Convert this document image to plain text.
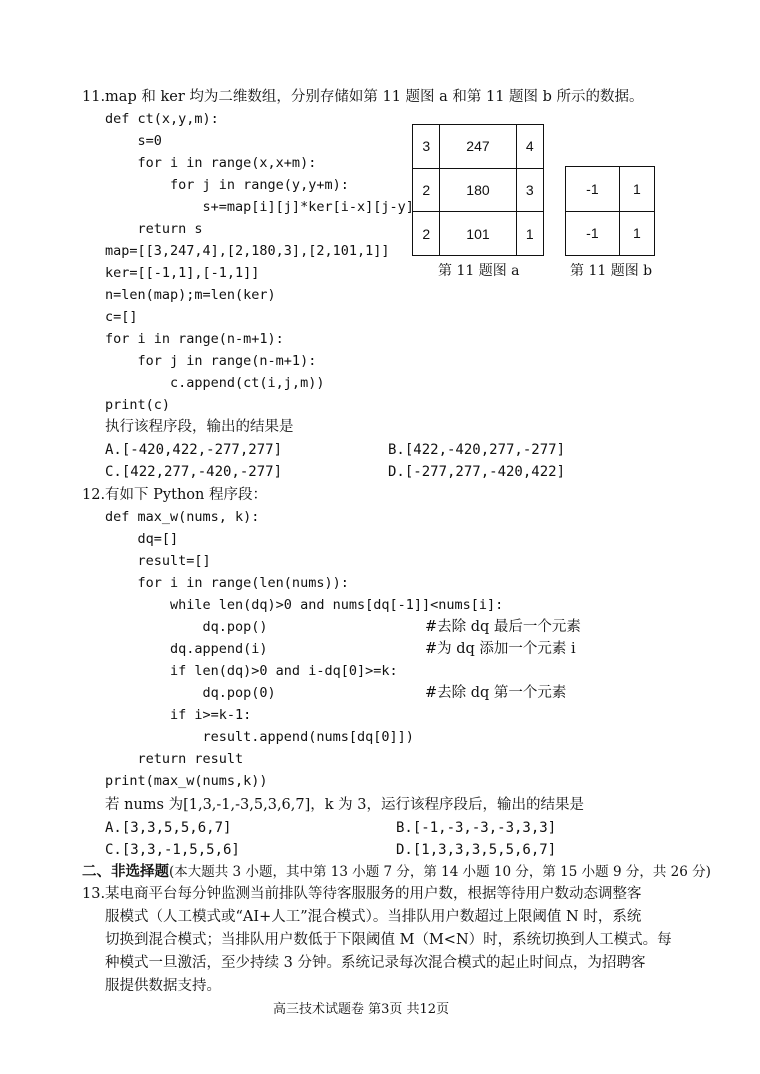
11.map 和 ker 均为二维数组，分别存储如第 11 题图 a 和第 11 题图 b 所示的数据。
def ct(x,y,m):
s=0
for i in range(x,x+m):
for j in range(y,y+m):
s+=map[i][j]*ker[i-x][j-y]
return s
map=[[3,247,4],[2,180,3],[2,101,1]]
ker=[[-1,1],[-1,1]]
n=len(map);m=len(ker)
c=[]
for i in range(n-m+1):
for j in range(n-m+1):
c.append(ct(i,j,m))
print(c)
3	247	4
2	180	3
2	101	1
第 11 题图 a
-1	1
-1	1
第 11 题图 b
执行该程序段，输出的结果是
A.[-420,422,-277,277]	B.[422,-420,277,-277]
C.[422,277,-420,-277]	D.[-277,277,-420,422]
12.有如下 Python 程序段：
def max_w(nums, k):
dq=[]
result=[]
for i in range(len(nums)):
while len(dq)>0 and nums[dq[-1]]<nums[i]:
dq.pop()
dq.append(i)
if len(dq)>0 and i-dq[0]>=k:
dq.pop(0)
if i>=k-1:
result.append(nums[dq[0]])
return result
print(max_w(nums,k))
#去除 dq 最后一个元素
#为 dq 添加一个元素 i
#去除 dq 第一个元素
若 nums 为[1,3,-1,-3,5,3,6,7]，k 为 3，运行该程序段后，输出的结果是
A.[3,3,5,5,6,7]	B.[-1,-3,-3,-3,3,3]
C.[3,3,-1,5,5,6]	D.[1,3,3,3,5,5,6,7]
二、非选择题(本大题共 3 小题，其中第 13 小题 7 分，第 14 小题 10 分，第 15 小题 9 分，共 26 分)
13.某电商平台每分钟监测当前排队等待客服服务的用户数，根据等待用户数动态调整客
服模式（人工模式或“AI+人工”混合模式）。当排队用户数超过上限阈值 N 时，系统
切换到混合模式；当排队用户数低于下限阈值 M（M<N）时，系统切换到人工模式。每
种模式一旦激活，至少持续 3 分钟。系统记录每次混合模式的起止时间点，为招聘客
服提供数据支持。
高三技术试题卷 第3页 共12页
